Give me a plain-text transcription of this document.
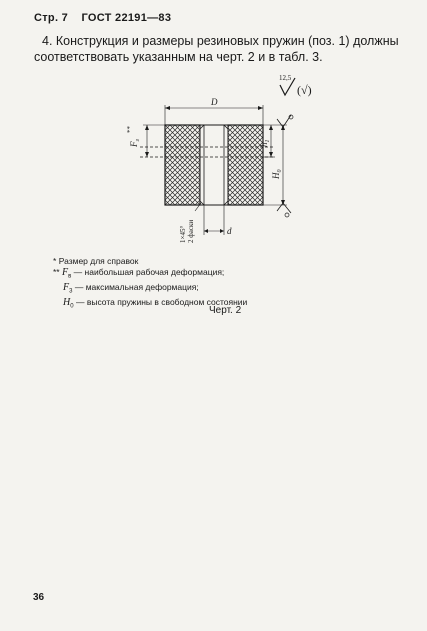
Стр. 7 ГОСТ 22191—83
4. Конструкция и размеры резиновых пружин (поз. 1) должны
соответствовать указанным на черт. 2 и в табл. 3.
12,5
(√)
D
$F_з$
**
$h_1$
$H_0$
d
1×45° 2 фаски
* Размер для справок
** $F_в$ — наибольшая рабочая деформация;
$F_3$ — максимальная деформация;
$H_0$ — высота пружины в свободном состоянии
Черт. 2
36
